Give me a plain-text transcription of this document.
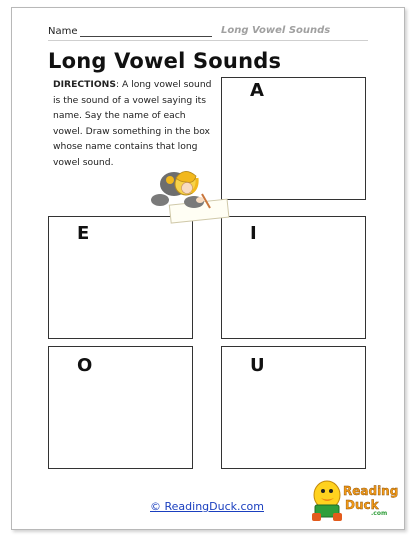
Name	Long Vowel Sounds
Long Vowel Sounds
DIRECTIONS: A long vowel sound is the sound of a vowel saying its name. Say the name of each vowel. Draw something in the box whose name contains that long vowel sound.
A
E	I
O	U
Reading
Duck
.com
© ReadingDuck.com
